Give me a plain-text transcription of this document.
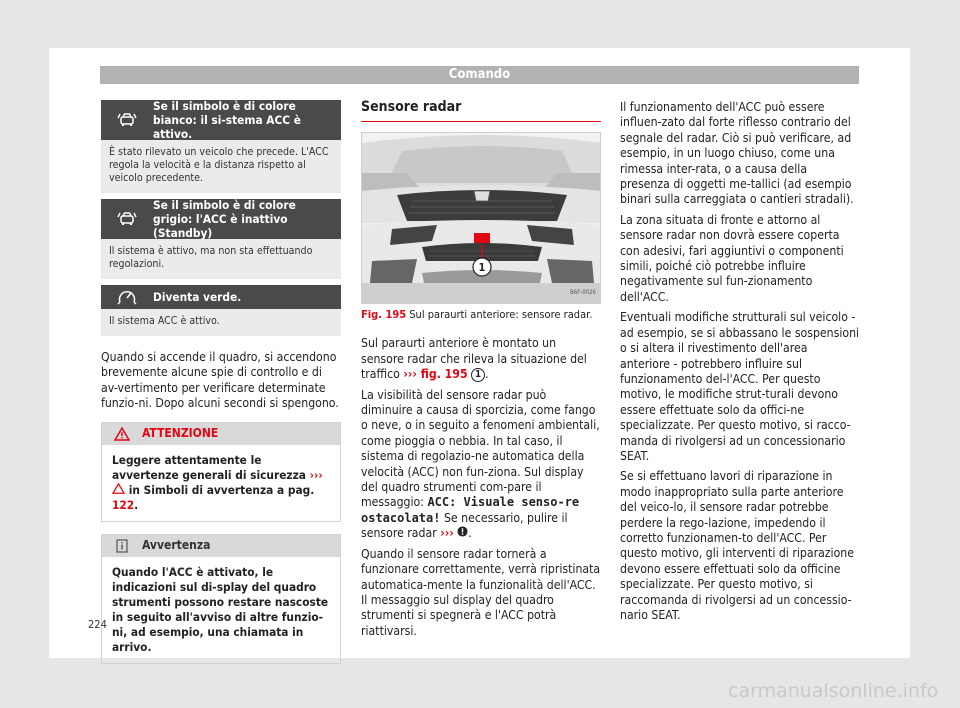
Comando
Se il simbolo è di colore bianco: il si-stema ACC è attivo.
È stato rilevato un veicolo che precede. L'ACC regola la velocità e la distanza rispetto al veicolo precedente.
Se il simbolo è di colore grigio: l'ACC è inattivo (Standby)
Il sistema è attivo, ma non sta effettuando regolazioni.
Diventa verde.
Il sistema ACC è attivo.

Quando si accende il quadro, si accendono brevemente alcune spie di controllo e di av-vertimento per verificare determinate funzio-ni. Dopo alcuni secondi si spengono.

ATTENZIONE
Leggere attentamente le avvertenze generali di sicurezza ›››  in Simboli di avvertenza a pag. 122.
Avvertenza
Quando l'ACC è attivato, le indicazioni sul di-splay del quadro strumenti possono restare nascoste in seguito all'avviso di altre funzio-ni, ad esempio, una chiamata in arrivo.
Sensore radar
1
B6F-0026
Fig. 195 Sul paraurti anteriore: sensore radar.

Sul paraurti anteriore è montato un sensore radar che rileva la situazione del traffico ››› fig. 195 1 .

La visibilità del sensore radar può diminuire a causa di sporcizia, come fango o neve, o in seguito a fenomeni ambientali, come pioggia o nebbia. In tal caso, il sistema di regolazio-ne automatica della velocità (ACC) non fun-ziona. Sul display del quadro strumenti com-pare il messaggio: ACC: Visuale senso-re ostacolata! Se necessario, pulire il sensore radar ››› .

Quando il sensore radar tornerà a funzionare correttamente, verrà ripristinata automatica-mente la funzionalità dell'ACC. Il messaggio sul display del quadro strumenti si spegnerà e l'ACC potrà riattivarsi.

Il funzionamento dell'ACC può essere influen-zato dal forte riflesso contrario del segnale del radar. Ciò si può verificare, ad esempio, in un luogo chiuso, come una rimessa inter-rata, o a causa della presenza di oggetti me-tallici (ad esempio binari sulla carreggiata o cantieri stradali).

La zona situata di fronte e attorno al sensore radar non dovrà essere coperta con adesivi, fari aggiuntivi o componenti simili, poiché ciò potrebbe influire negativamente sul fun-zionamento dell'ACC.

Eventuali modifiche strutturali sul veicolo - ad esempio, se si abbassano le sospensioni o si altera il rivestimento dell'area anteriore - potrebbero influire sul funzionamento del-l'ACC. Per questo motivo, le modifiche strut-turali devono essere effettuate solo da offici-ne specializzate. Per questo motivo, si racco-manda di rivolgersi ad un concessionario SEAT.

Se si effettuano lavori di riparazione in modo inappropriato sulla parte anteriore del veico-lo, il sensore radar potrebbe perdere la rego-lazione, impedendo il corretto funzionamen-to dell'ACC. Per questo motivo, gli interventi di riparazione devono essere effettuati solo da officine specializzate. Per questo motivo, si raccomanda di rivolgersi ad un concessio-nario SEAT.

224
carmanualsonline.info
